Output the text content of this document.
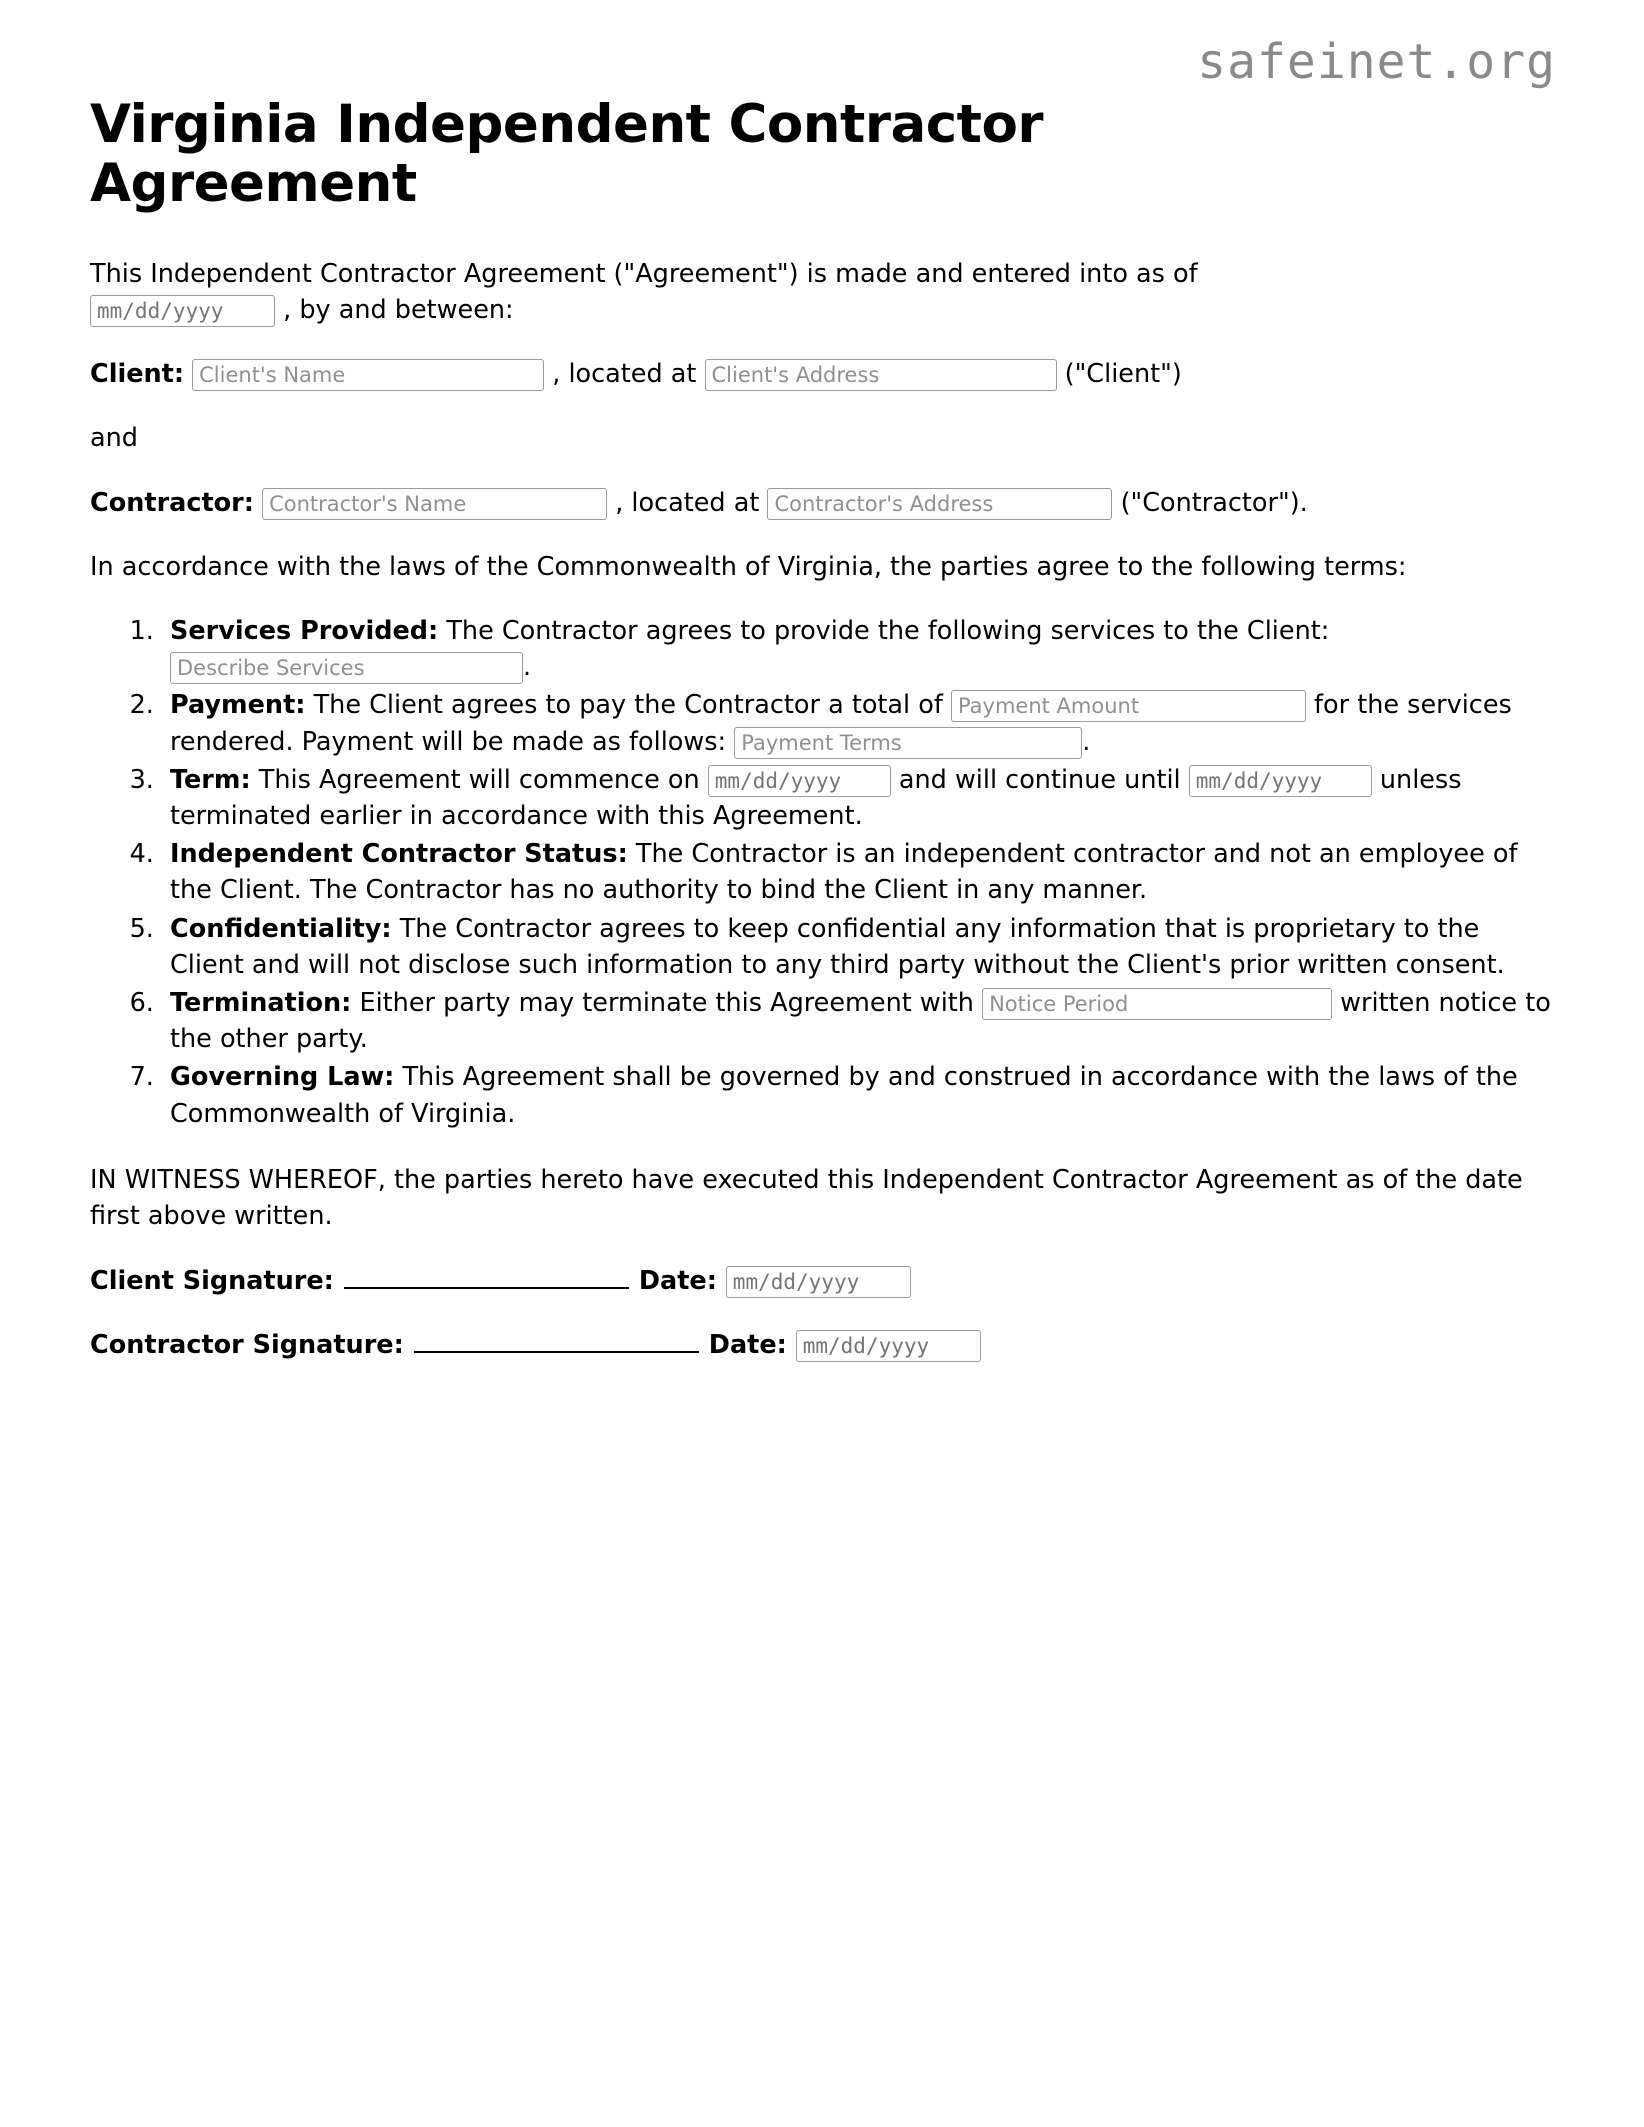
safeinet.org
Virginia Independent Contractor Agreement

This Independent Contractor Agreement ("Agreement") is made and entered into as of
mm/dd/yyyy , by and between:

Client: Client's Name	, located at Client's Address	("Client")

and

Contractor: Contractor's Name	, located at Contractor's Address	("Contractor").

In accordance with the laws of the Commonwealth of Virginia, the parties agree to the following terms:

1. Services Provided: The Contractor agrees to provide the following services to the Client: Describe Services.
2. Payment: The Client agrees to pay the Contractor a total of Payment Amount	for the services rendered. Payment will be made as follows: Payment Terms	.
3. Term: This Agreement will commence on mm/dd/yyyy	and will continue until mm/dd/yyyy	unless terminated earlier in accordance with this Agreement.
4. Independent Contractor Status: The Contractor is an independent contractor and not an employee of the Client. The Contractor has no authority to bind the Client in any manner.
5. Confidentiality: The Contractor agrees to keep confidential any information that is proprietary to the Client and will not disclose such information to any third party without the Client's prior written consent.
6. Termination: Either party may terminate this Agreement with Notice Period	written notice to the other party.
7. Governing Law: This Agreement shall be governed by and construed in accordance with the laws of the Commonwealth of Virginia.

IN WITNESS WHEREOF, the parties hereto have executed this Independent Contractor Agreement as of the date first above written.

Client Signature:	Date: mm/dd/yyyy

Contractor Signature:	Date: mm/dd/yyyy
